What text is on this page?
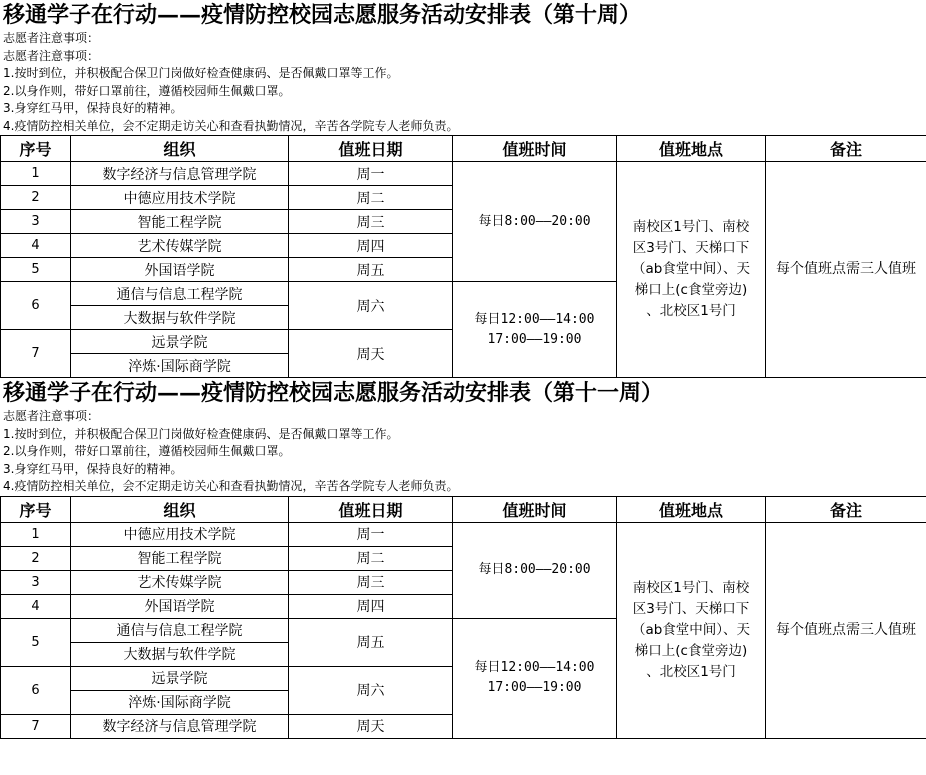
移通学子在行动——疫情防控校园志愿服务活动安排表（第十周）
志愿者注意事项：
志愿者注意事项：
1.按时到位，并积极配合保卫门岗做好检查健康码、是否佩戴口罩等工作。
2.以身作则，带好口罩前往，遵循校园师生佩戴口罩。
3.身穿红马甲，保持良好的精神。
4.疫情防控相关单位，会不定期走访关心和查看执勤情况，辛苦各学院专人老师负责。
序号	组织	值班日期	值班时间	值班地点	备注
1	数字经济与信息管理学院	周一	每日8:00——20:00	南校区1号门、南校
区3号门、天梯口下
（ab食堂中间）、天
梯口上(c食堂旁边)
、北校区1号门	每个值班点需三人值班
2	中德应用技术学院	周二			
3	智能工程学院	周三			
4	艺术传媒学院	周四			
5	外国语学院	周五			
6	通信与信息工程学院	周六	每日12:00——14:00
17:00——19:00		
	大数据与软件学院				
7	远景学院	周天			
	淬炼·国际商学院				
移通学子在行动——疫情防控校园志愿服务活动安排表（第十一周）
志愿者注意事项：
1.按时到位，并积极配合保卫门岗做好检查健康码、是否佩戴口罩等工作。
2.以身作则，带好口罩前往，遵循校园师生佩戴口罩。
3.身穿红马甲，保持良好的精神。
4.疫情防控相关单位，会不定期走访关心和查看执勤情况，辛苦各学院专人老师负责。
序号	组织	值班日期	值班时间	值班地点	备注
1	中德应用技术学院	周一	每日8:00——20:00	南校区1号门、南校
区3号门、天梯口下
（ab食堂中间）、天
梯口上(c食堂旁边)
、北校区1号门	每个值班点需三人值班
2	智能工程学院	周二			
3	艺术传媒学院	周三			
4	外国语学院	周四			
5	通信与信息工程学院	周五	每日12:00——14:00
17:00——19:00		
	大数据与软件学院				
6	远景学院	周六			
	淬炼·国际商学院				
7	数字经济与信息管理学院	周天			
